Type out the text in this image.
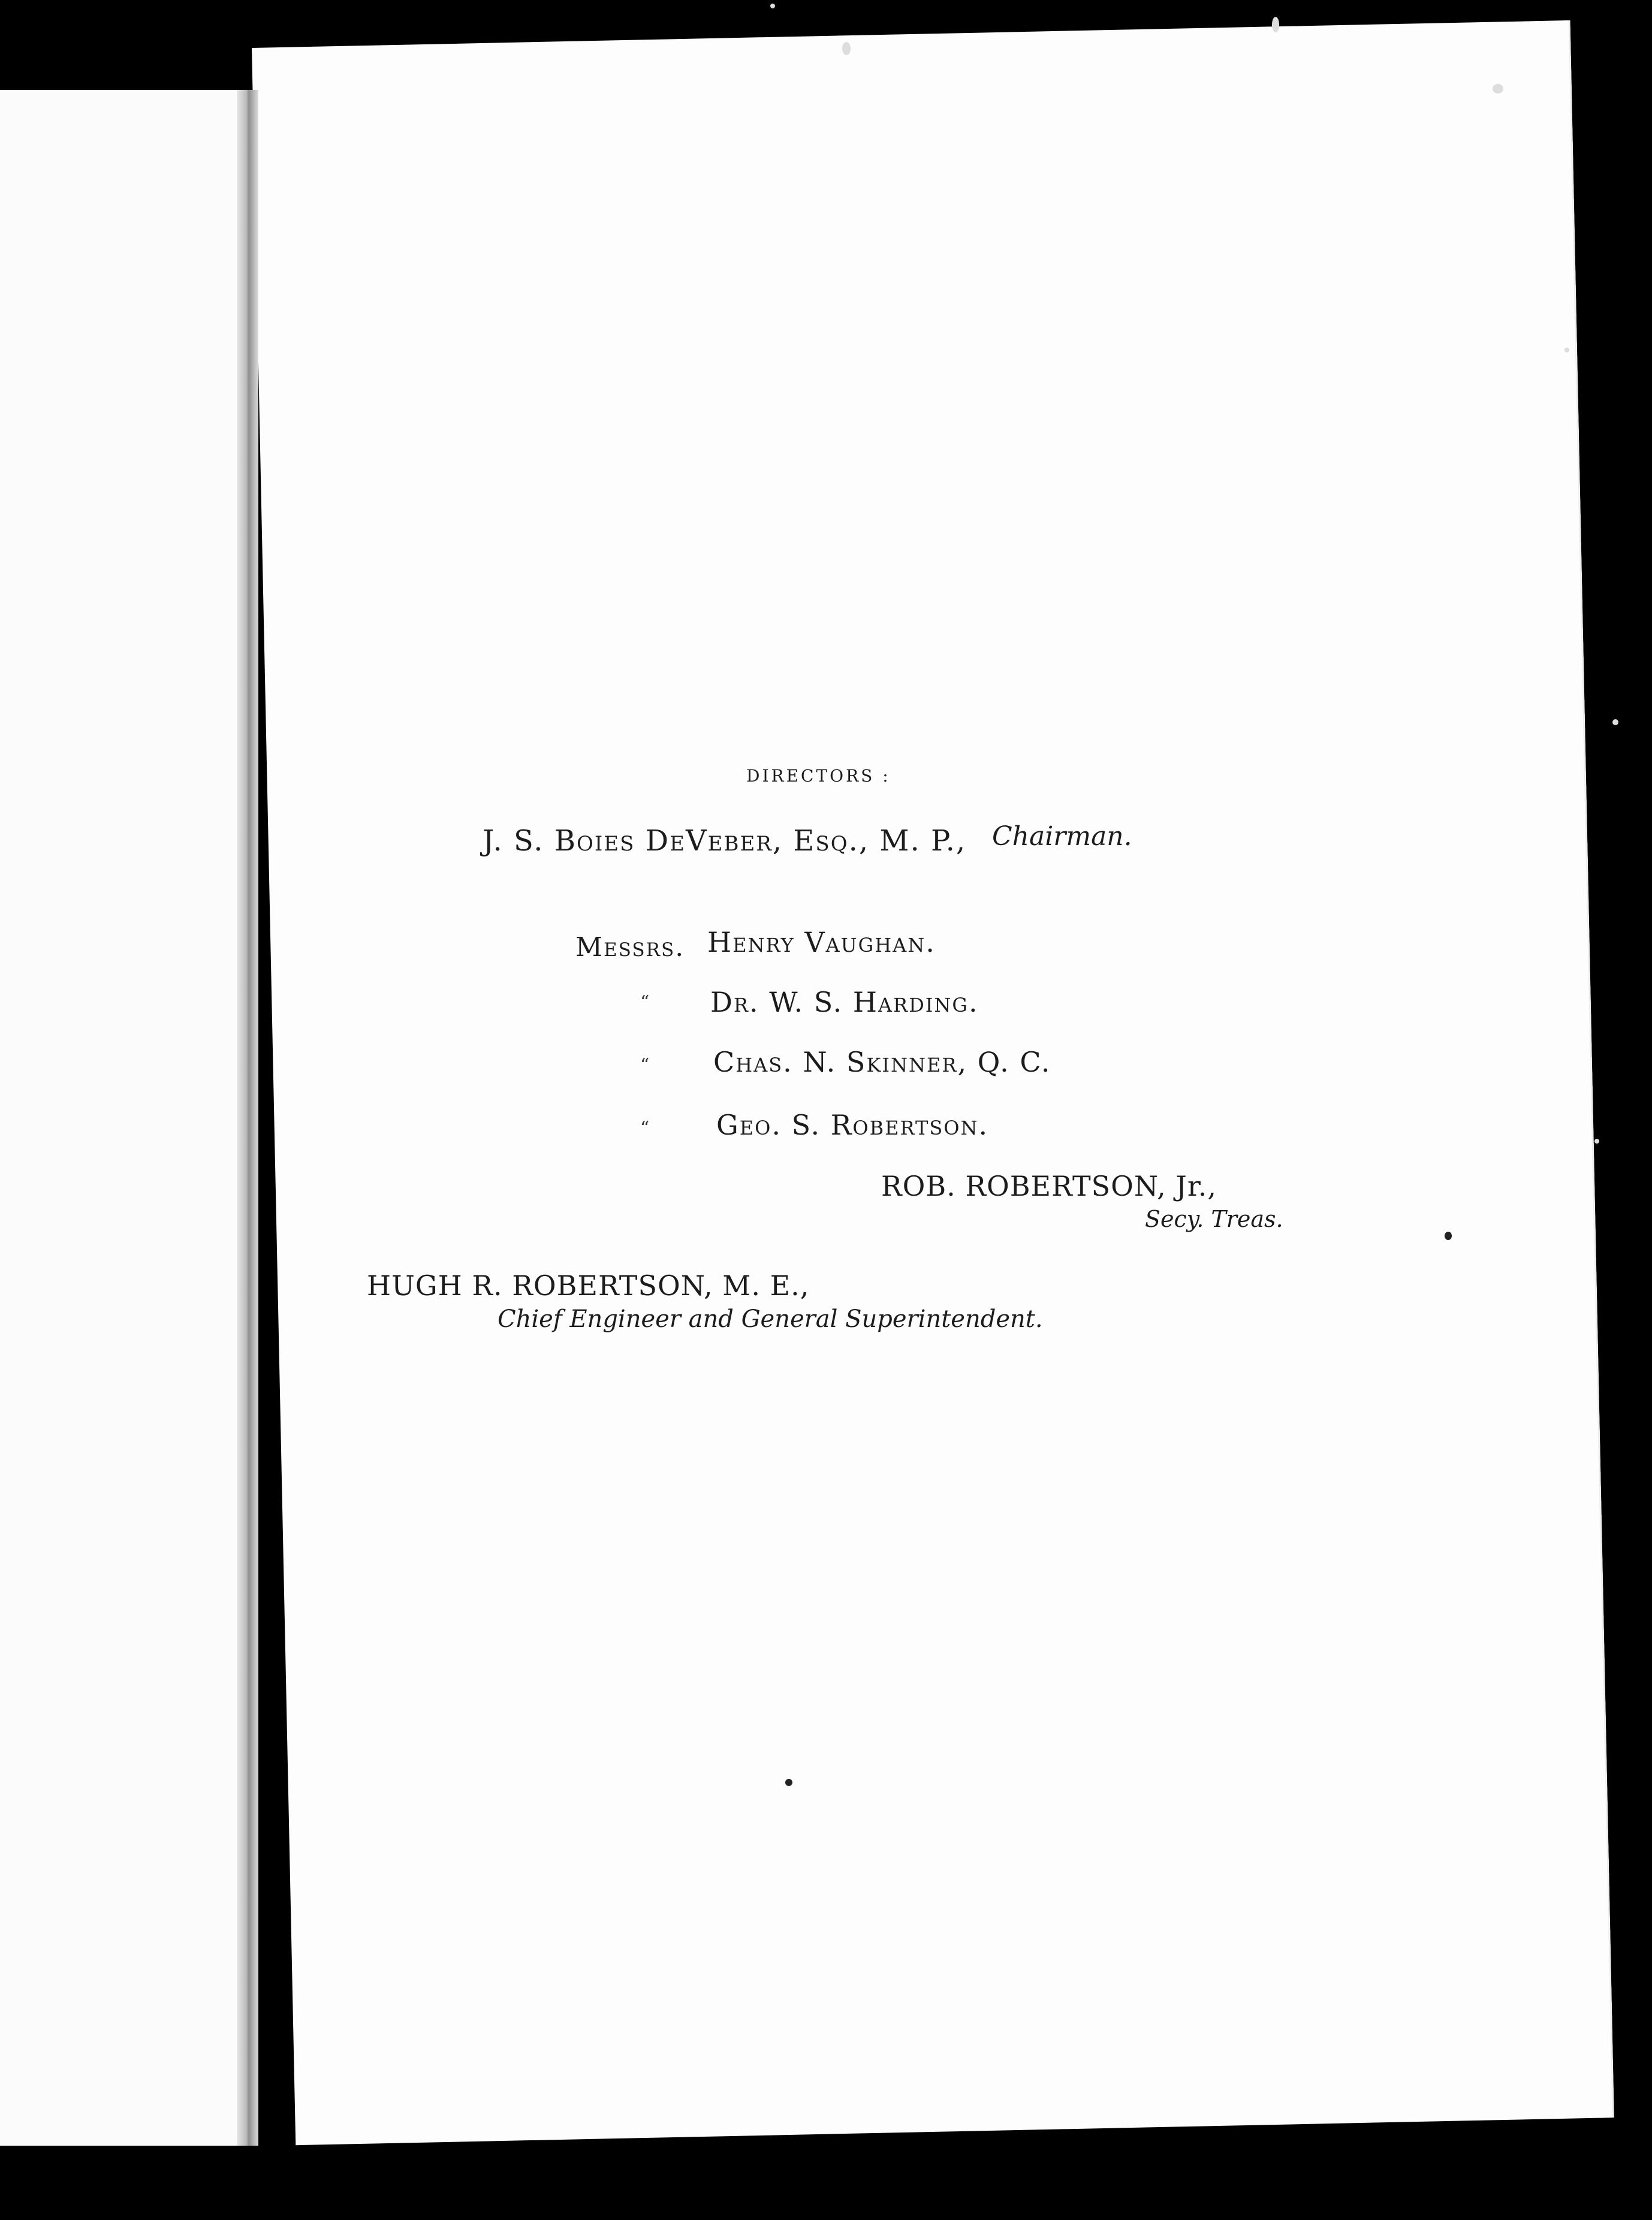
DIRECTORS :
J. S. Boies DeVeber, Esq., M. P., Chairman.
Messrs. Henry Vaughan.
“ Dr. W. S. Harding.
“ Chas. N. Skinner, Q. C.
“ Geo. S. Robertson.
ROB. ROBERTSON, Jr.,
Secy. Treas.
HUGH R. ROBERTSON, M. E.,
Chief Engineer and General Superintendent.
